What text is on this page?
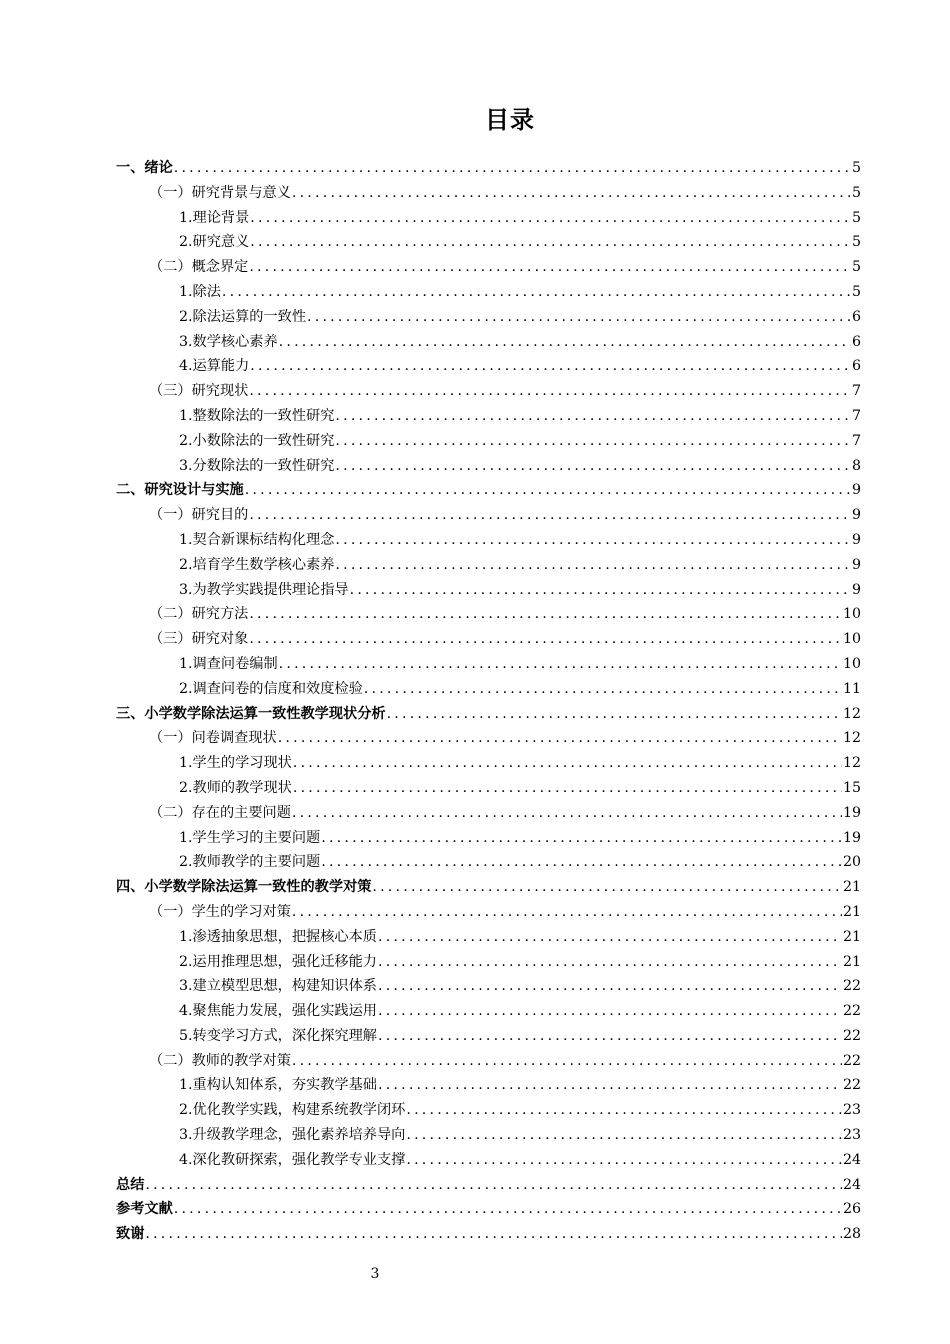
目录
一、绪论 .....	5
（一）研究背景与意义 .....	5
1.理论背景 .....	5
2.研究意义 .....	5
（二）概念界定 .....	5
1.除法 .....	5
2.除法运算的一致性 .....	6
3.数学核心素养 .....	6
4.运算能力 .....	6
（三）研究现状 .....	7
1.整数除法的一致性研究 .....	7
2.小数除法的一致性研究 .....	7
3.分数除法的一致性研究 .....	8
二、研究设计与实施 .....	9
（一）研究目的 .....	9
1.契合新课标结构化理念 .....	9
2.培育学生数学核心素养 .....	9
3.为教学实践提供理论指导 .....	9
（二）研究方法 .....	10
（三）研究对象 .....	10
1.调查问卷编制 .....	10
2.调查问卷的信度和效度检验 .....	11
三、小学数学除法运算一致性教学现状分析 .....	12
（一）问卷调查现状 .....	12
1.学生的学习现状 .....	12
2.教师的教学现状 .....	15
（二）存在的主要问题 .....	19
1.学生学习的主要问题 .....	19
2.教师教学的主要问题 .....	20
四、小学数学除法运算一致性的教学对策 .....	21
（一）学生的学习对策 .....	21
1.渗透抽象思想，把握核心本质 .....	21
2.运用推理思想，强化迁移能力 .....	21
3.建立模型思想，构建知识体系 .....	22
4.聚焦能力发展，强化实践运用 .....	22
5.转变学习方式，深化探究理解 .....	22
（二）教师的教学对策 .....	22
1.重构认知体系，夯实教学基础 .....	22
2.优化教学实践，构建系统教学闭环 .....	23
3.升级教学理念，强化素养培养导向 .....	23
4.深化教研探索，强化教学专业支撑 .....	24
总结 .....	24
参考文献 .....	26
致谢 .....	28
3
